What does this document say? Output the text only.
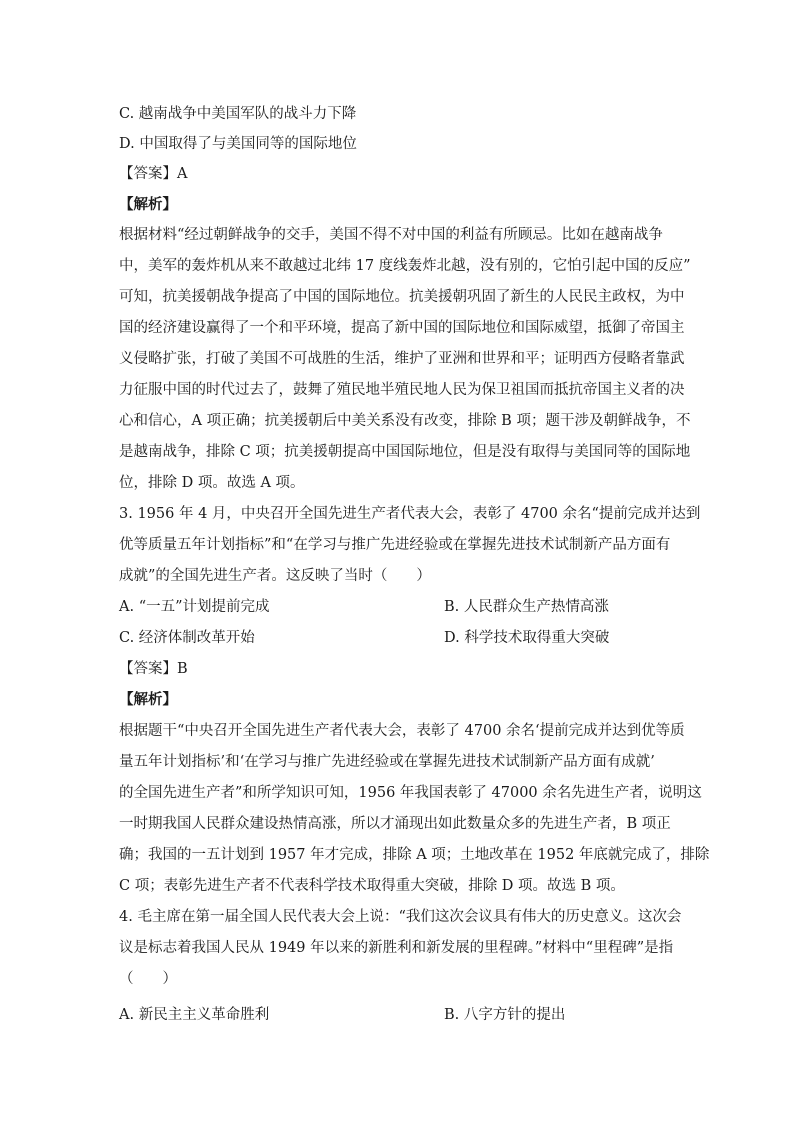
C. 越南战争中美国军队的战斗力下降
D. 中国取得了与美国同等的国际地位
【答案】A
【解析】
根据材料“经过朝鲜战争的交手，美国不得不对中国的利益有所顾忌。比如在越南战争
中，美军的轰炸机从来不敢越过北纬 17 度线轰炸北越，没有别的，它怕引起中国的反应”
可知，抗美援朝战争提高了中国的国际地位。抗美援朝巩固了新生的人民民主政权，为中
国的经济建设赢得了一个和平环境，提高了新中国的国际地位和国际威望，抵御了帝国主
义侵略扩张，打破了美国不可战胜的生活，维护了亚洲和世界和平；证明西方侵略者靠武
力征服中国的时代过去了，鼓舞了殖民地半殖民地人民为保卫祖国而抵抗帝国主义者的决
心和信心，A 项正确；抗美援朝后中美关系没有改变，排除 B 项；题干涉及朝鲜战争，不
是越南战争，排除 C 项；抗美援朝提高中国国际地位，但是没有取得与美国同等的国际地
位，排除 D 项。故选 A 项。
3. 1956 年 4 月，中央召开全国先进生产者代表大会，表彰了 4700 余名“提前完成并达到
优等质量五年计划指标”和“在学习与推广先进经验或在掌握先进技术试制新产品方面有
成就”的全国先进生产者。这反映了当时（　　）
A. “一五”计划提前完成	B. 人民群众生产热情高涨
C. 经济体制改革开始	D. 科学技术取得重大突破
【答案】B
【解析】
根据题干“中央召开全国先进生产者代表大会，表彰了 4700 余名‘提前完成并达到优等质
量五年计划指标’和‘在学习与推广先进经验或在掌握先进技术试制新产品方面有成就’
的全国先进生产者”和所学知识可知，1956 年我国表彰了 47000 余名先进生产者，说明这
一时期我国人民群众建设热情高涨，所以才涌现出如此数量众多的先进生产者，B 项正
确；我国的一五计划到 1957 年才完成，排除 A 项；土地改革在 1952 年底就完成了，排除
C 项；表彰先进生产者不代表科学技术取得重大突破，排除 D 项。故选 B 项。
4. 毛主席在第一届全国人民代表大会上说：“我们这次会议具有伟大的历史意义。这次会
议是标志着我国人民从 1949 年以来的新胜利和新发展的里程碑。”材料中“里程碑”是指
（　　）
A. 新民主主义革命胜利	B. 八字方针的提出
